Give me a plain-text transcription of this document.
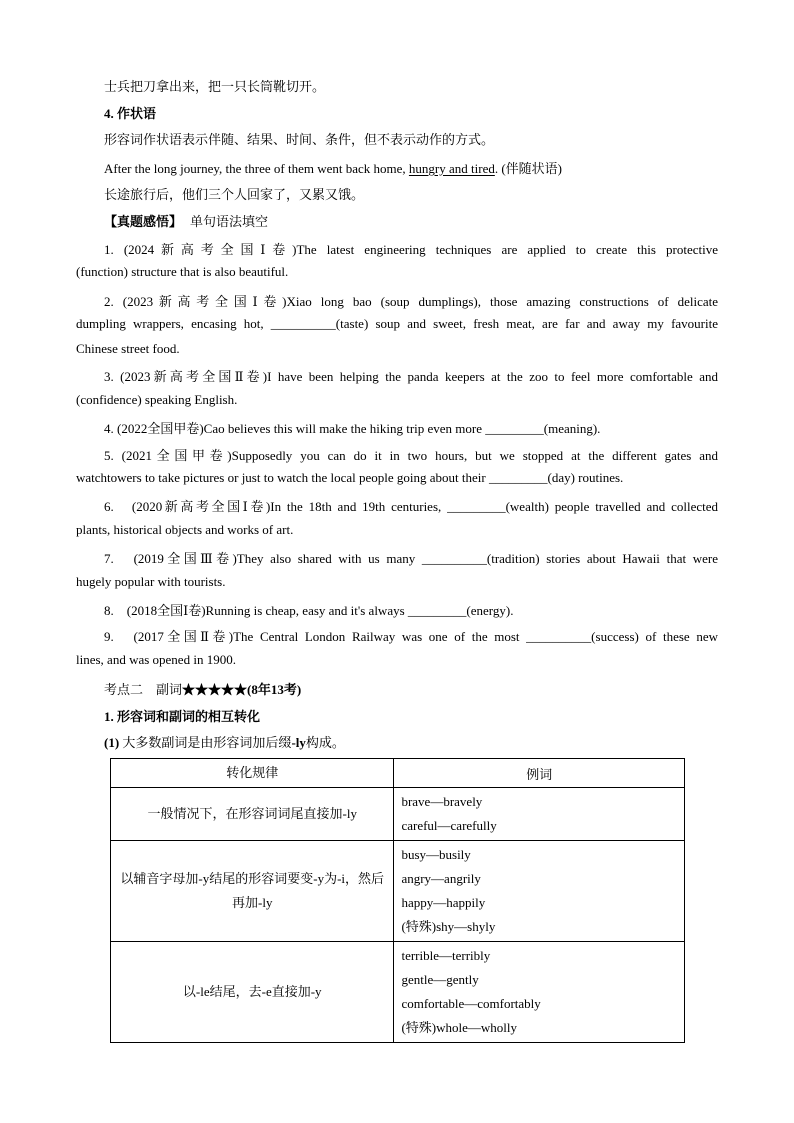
士兵把刀拿出来，把一只长筒靴切开。
4. 作状语
形容词作状语表示伴随、结果、时间、条件，但不表示动作的方式。
After the long journey, the three of them went back home, hungry and tired. (伴随状语)
长途旅行后，他们三个人回家了，又累又饿。
【真题感悟】 单句语法填空
1. (2024新高考全国Ⅰ卷)The latest engineering techniques are applied to create this protective
(function) structure that is also beautiful.
2. (2023新高考全国Ⅰ卷)Xiao long bao (soup dumplings), those amazing constructions of delicate
dumpling wrappers, encasing hot, __________(taste) soup and sweet, fresh meat, are far and away my favourite
Chinese street food.
3. (2023新高考全国Ⅱ卷)I have been helping the panda keepers at the zoo to feel more comfortable and
(confidence) speaking English.
4. (2022全国甲卷)Cao believes this will make the hiking trip even more _________(meaning).
5. (2021全国甲卷)Supposedly you can do it in two hours, but we stopped at the different gates and
watchtowers to take pictures or just to watch the local people going about their _________(day) routines.
6.　(2020新高考全国Ⅰ卷)In the 18th and 19th centuries, _________(wealth) people travelled and collected
plants, historical objects and works of art.
7.　(2019全国Ⅲ卷)They also shared with us many __________(tradition) stories about Hawaii that were
hugely popular with tourists.
8.　(2018全国Ⅰ卷)Running is cheap, easy and it's always _________(energy).
9.　(2017全国Ⅱ卷)The Central London Railway was one of the most __________(success) of these new
lines, and was opened in 1900.
考点二　副词★★★★★(8年13考)
1. 形容词和副词的相互转化
(1) 大多数副词是由形容词加后缀-ly构成。
转化规律	例词
一般情况下，在形容词词尾直接加-ly	brave—bravely
careful—carefully

以辅音字母加-y结尾的形容词要变-y为-i，然后再加-ly	busy—busily
angry—angrily
happy—happily
(特殊)shy—shyly

以-le结尾，去-e直接加-y	terrible—terribly
gentle—gently
comfortable—comfortably
(特殊)whole—wholly
